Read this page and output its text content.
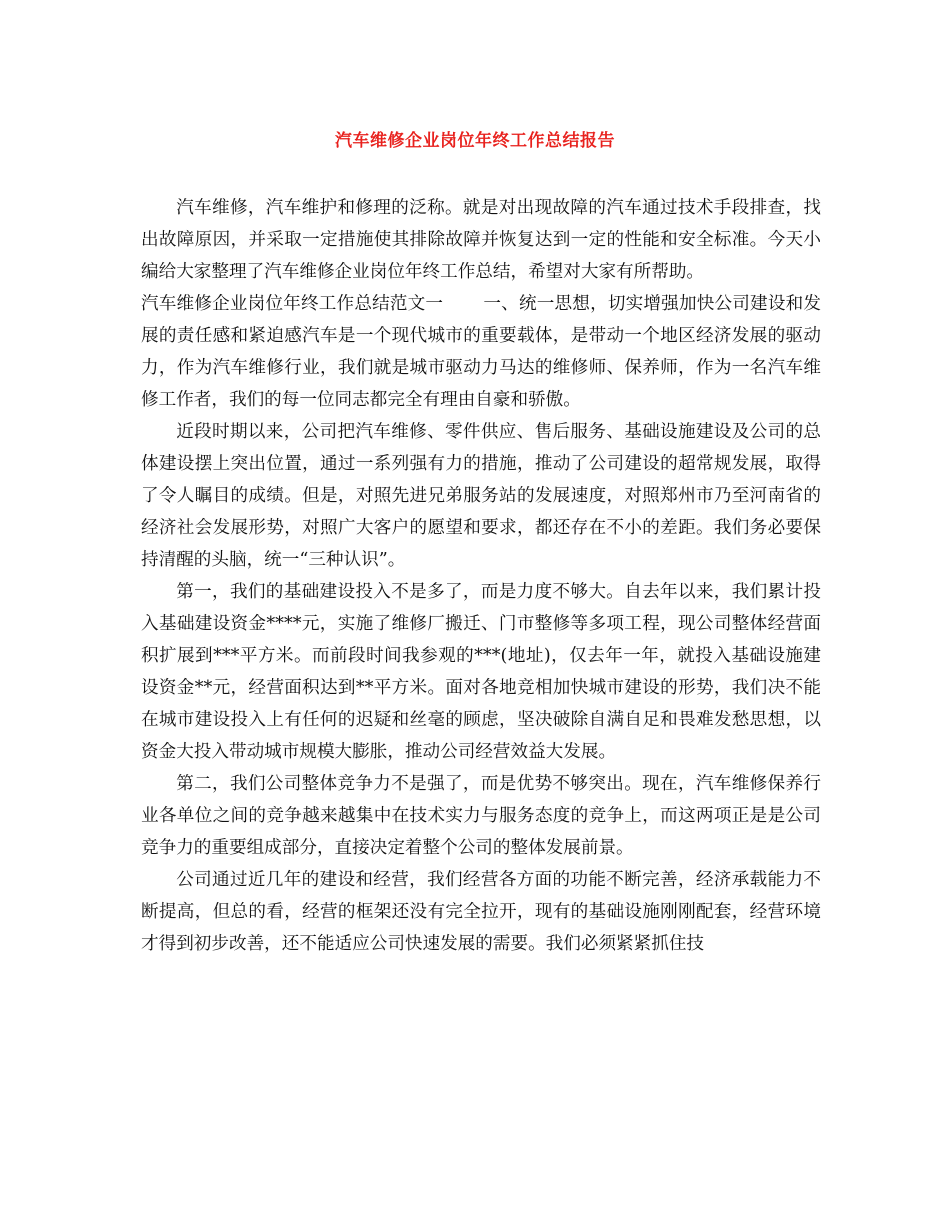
汽车维修企业岗位年终工作总结报告

汽车维修，汽车维护和修理的泛称。就是对出现故障的汽车通过技术手段排查，找出故障原因，并采取一定措施使其排除故障并恢复达到一定的性能和安全标准。今天小编给大家整理了汽车维修企业岗位年终工作总结，希望对大家有所帮助。

汽车维修企业岗位年终工作总结范文一 一、统一思想，切实增强加快公司建设和发展的责任感和紧迫感汽车是一个现代城市的重要载体，是带动一个地区经济发展的驱动力，作为汽车维修行业，我们就是城市驱动力马达的维修师、保养师，作为一名汽车维修工作者，我们的每一位同志都完全有理由自豪和骄傲。

近段时期以来，公司把汽车维修、零件供应、售后服务、基础设施建设及公司的总体建设摆上突出位置，通过一系列强有力的措施，推动了公司建设的超常规发展，取得了令人瞩目的成绩。但是，对照先进兄弟服务站的发展速度，对照郑州市乃至河南省的经济社会发展形势，对照广大客户的愿望和要求，都还存在不小的差距。我们务必要保持清醒的头脑，统一“三种认识”。

第一，我们的基础建设投入不是多了，而是力度不够大。自去年以来，我们累计投入基础建设资金****元，实施了维修厂搬迁、门市整修等多项工程，现公司整体经营面积扩展到***平方米。而前段时间我参观的***(地址)，仅去年一年，就投入基础设施建设资金**元，经营面积达到**平方米。面对各地竞相加快城市建设的形势，我们决不能在城市建设投入上有任何的迟疑和丝毫的顾虑，坚决破除自满自足和畏难发愁思想，以资金大投入带动城市规模大膨胀，推动公司经营效益大发展。

第二，我们公司整体竞争力不是强了，而是优势不够突出。现在，汽车维修保养行业各单位之间的竞争越来越集中在技术实力与服务态度的竞争上，而这两项正是是公司竞争力的重要组成部分，直接决定着整个公司的整体发展前景。

公司通过近几年的建设和经营，我们经营各方面的功能不断完善，经济承载能力不断提高，但总的看，经营的框架还没有完全拉开，现有的基础设施刚刚配套，经营环境才得到初步改善，还不能适应公司快速发展的需要。我们必须紧紧抓住技
